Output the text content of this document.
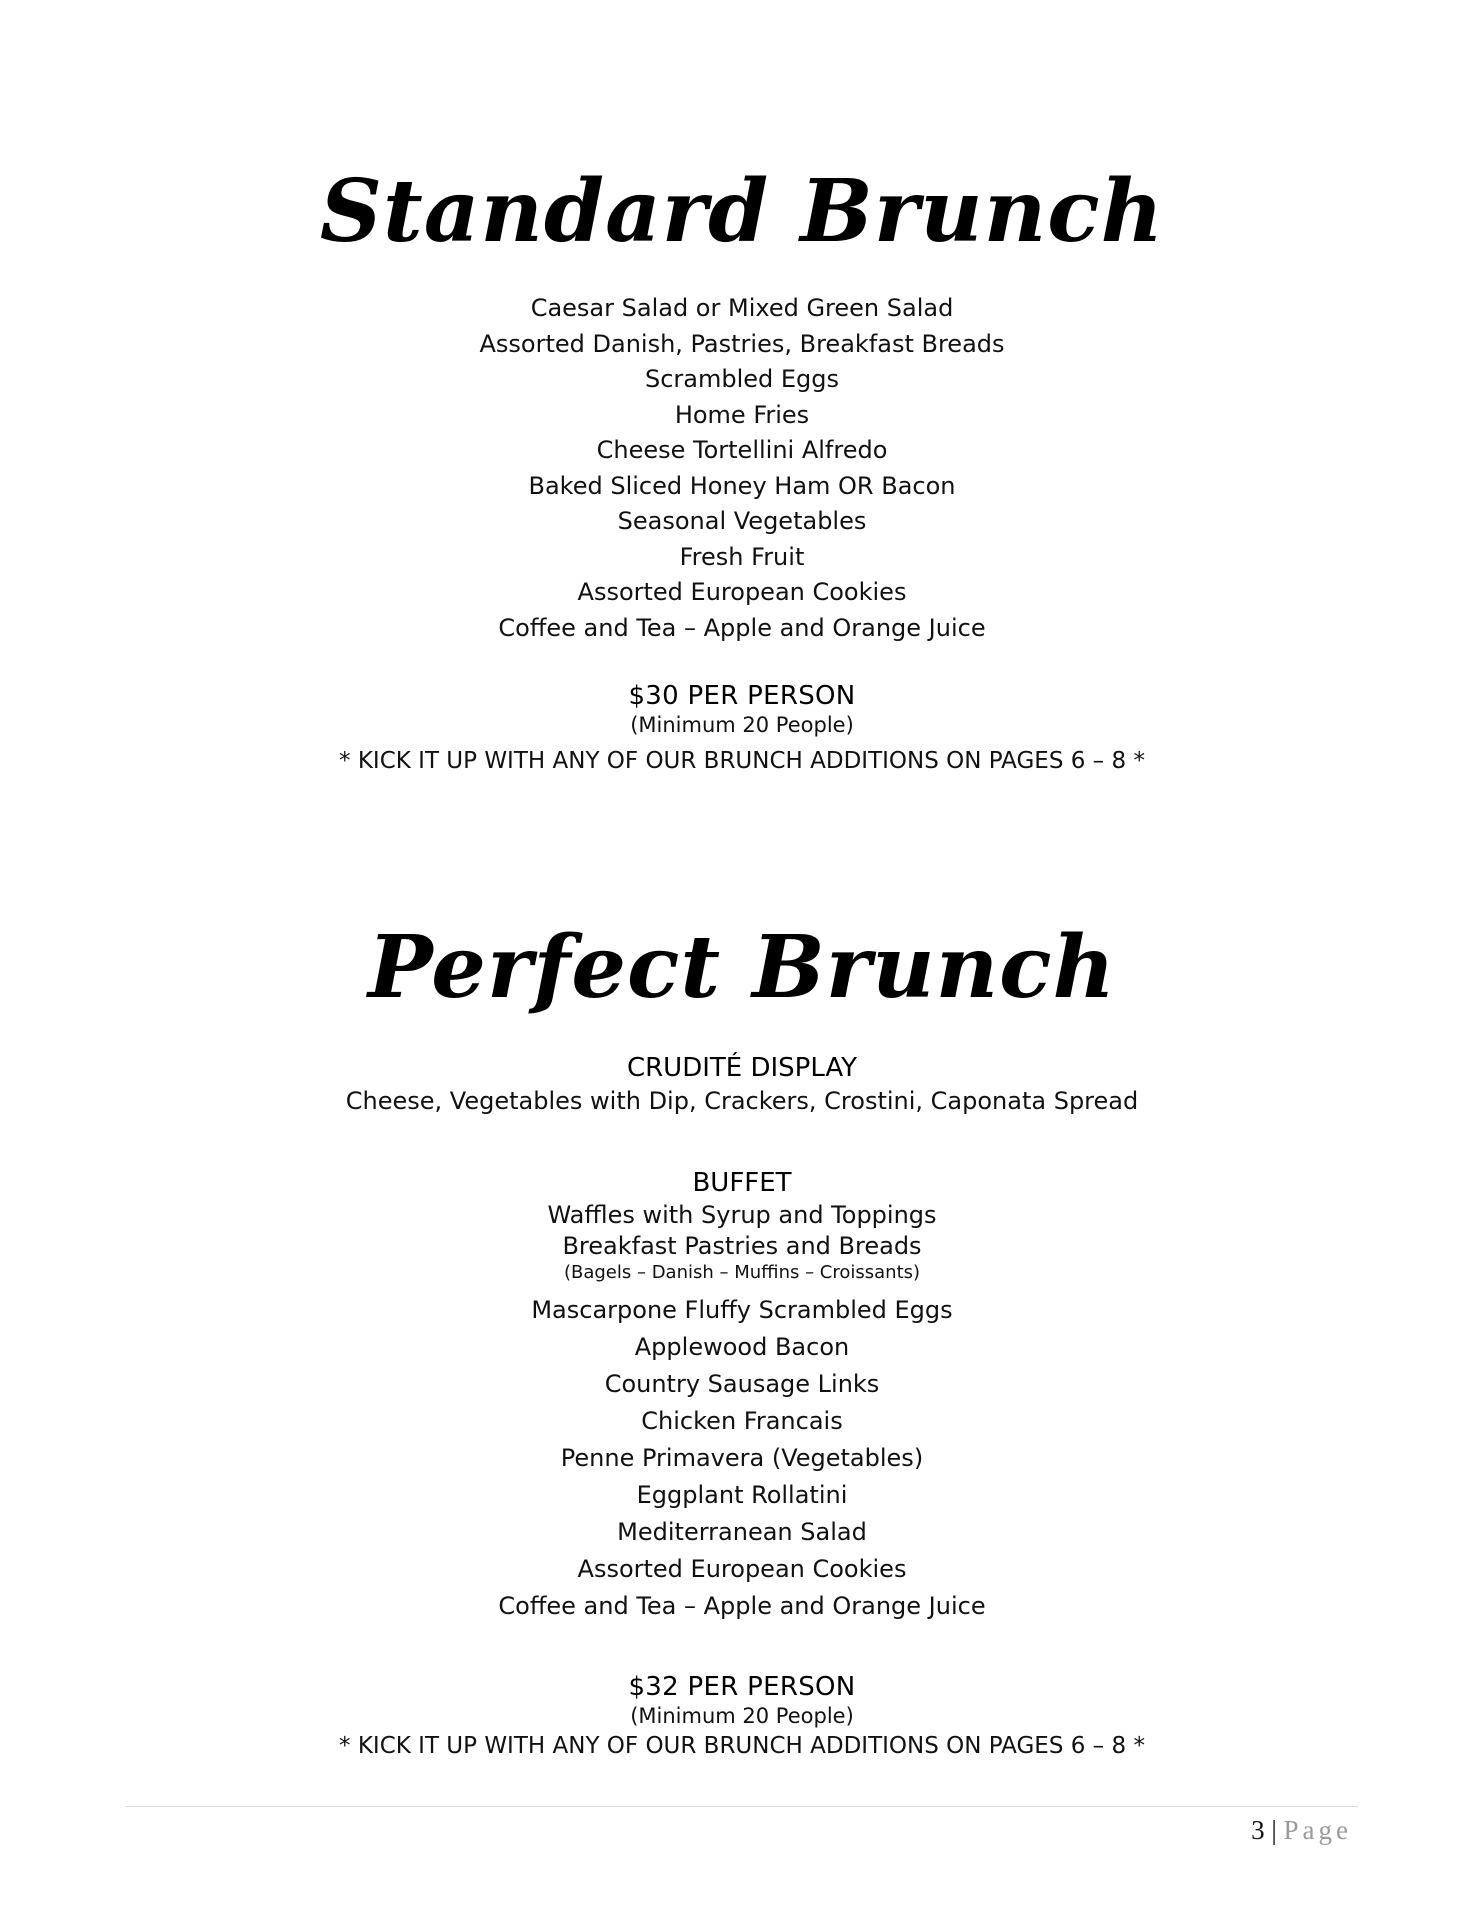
Standard Brunch
Caesar Salad or Mixed Green Salad
Assorted Danish, Pastries, Breakfast Breads
Scrambled Eggs
Home Fries
Cheese Tortellini Alfredo
Baked Sliced Honey Ham OR Bacon
Seasonal Vegetables
Fresh Fruit
Assorted European Cookies
Coffee and Tea – Apple and Orange Juice
$30 PER PERSON
(Minimum 20 People)
* KICK IT UP WITH ANY OF OUR BRUNCH ADDITIONS ON PAGES 6 – 8 *
Perfect Brunch
CRUDITÉ DISPLAY
Cheese, Vegetables with Dip, Crackers, Crostini, Caponata Spread
BUFFET
Waffles with Syrup and Toppings
Breakfast Pastries and Breads
(Bagels – Danish – Muffins – Croissants)
Mascarpone Fluffy Scrambled Eggs
Applewood Bacon
Country Sausage Links
Chicken Francais
Penne Primavera (Vegetables)
Eggplant Rollatini
Mediterranean Salad
Assorted European Cookies
Coffee and Tea – Apple and Orange Juice
$32 PER PERSON
(Minimum 20 People)
* KICK IT UP WITH ANY OF OUR BRUNCH ADDITIONS ON PAGES 6 – 8 *
3 | Page
